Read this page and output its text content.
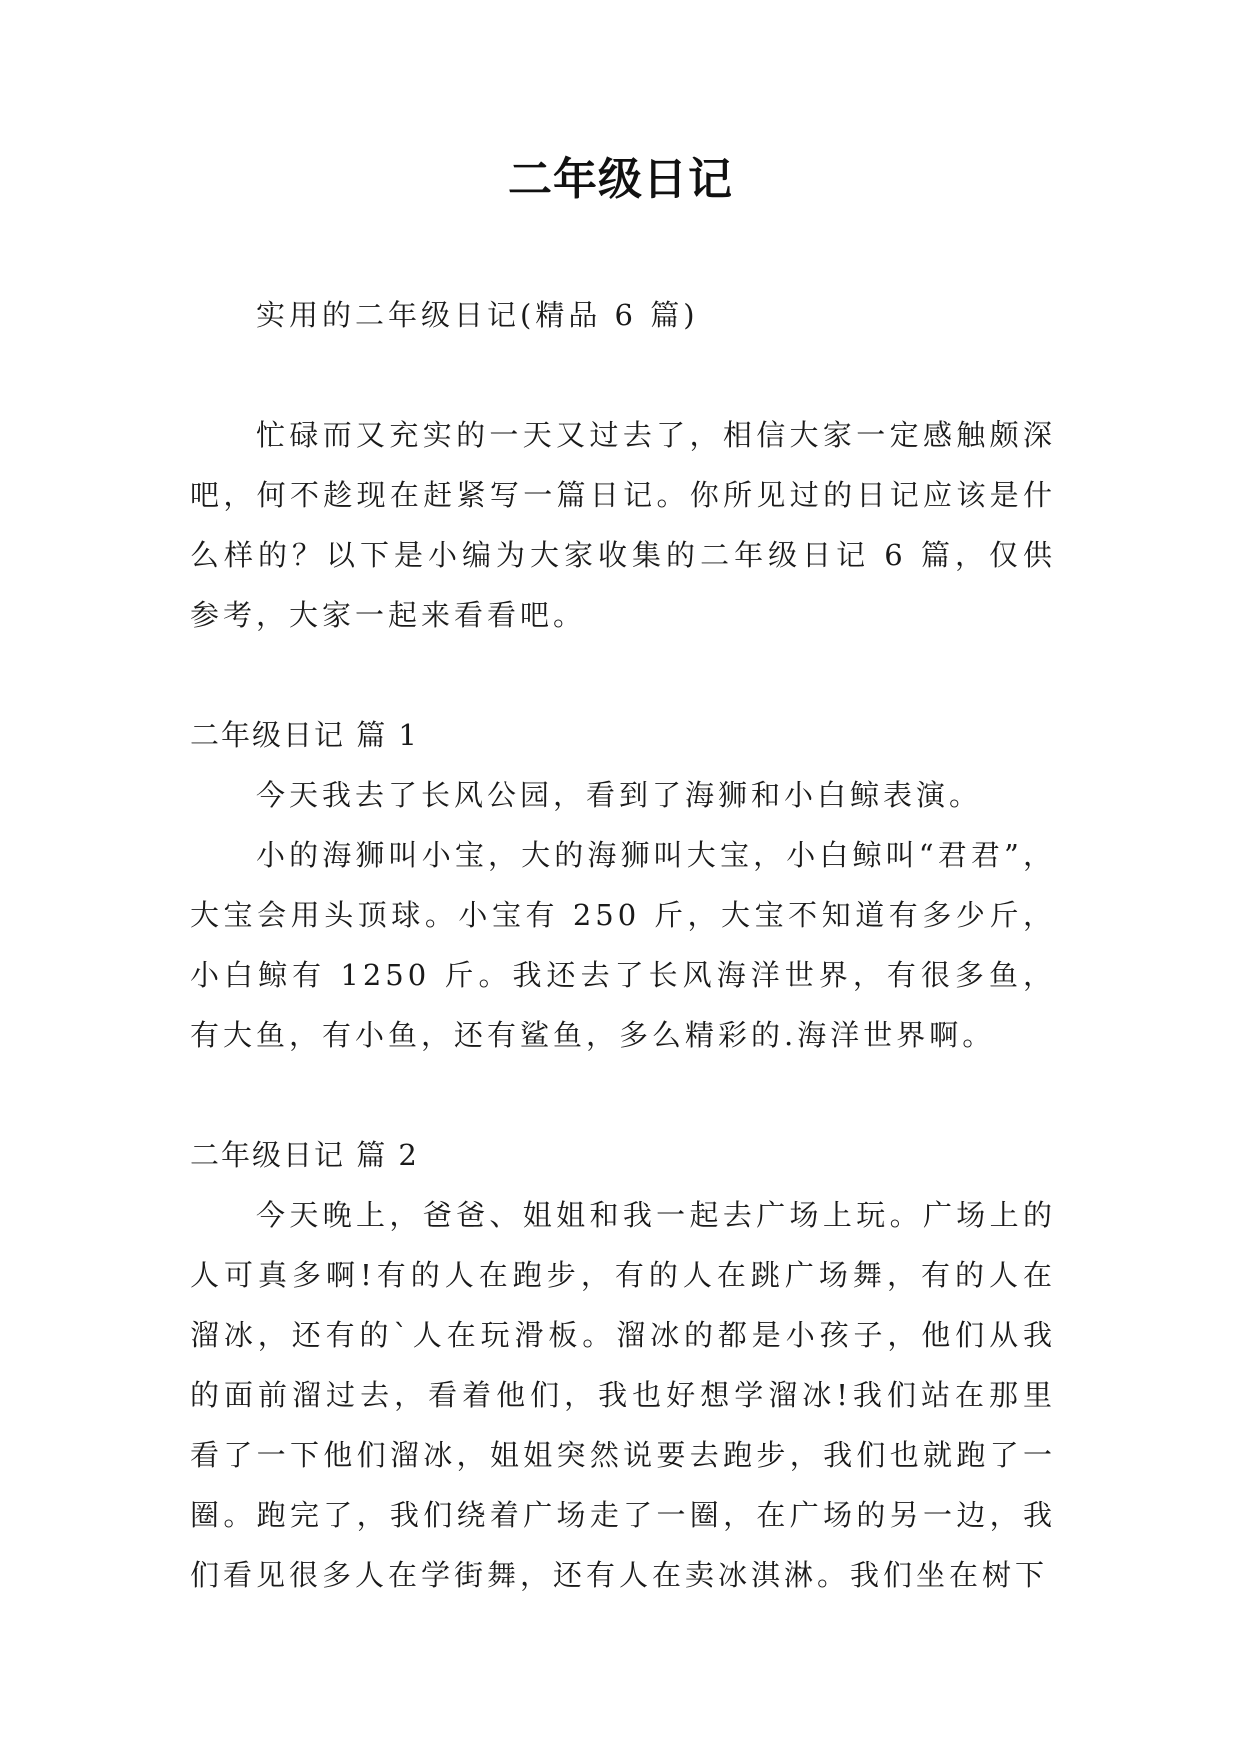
二年级日记

实用的二年级日记(精品 6 篇)

忙碌而又充实的一天又过去了，相信大家一定感触颇深吧，何不趁现在赶紧写一篇日记。你所见过的日记应该是什么样的？以下是小编为大家收集的二年级日记 6 篇，仅供参考，大家一起来看看吧。

二年级日记 篇 1

今天我去了长风公园，看到了海狮和小白鲸表演。

小的海狮叫小宝，大的海狮叫大宝，小白鲸叫“君君”，大宝会用头顶球。小宝有 250 斤，大宝不知道有多少斤，小白鲸有 1250 斤。我还去了长风海洋世界，有很多鱼，有大鱼，有小鱼，还有鲨鱼，多么精彩的.海洋世界啊。

二年级日记 篇 2

今天晚上，爸爸、姐姐和我一起去广场上玩。广场上的人可真多啊!有的人在跑步，有的人在跳广场舞，有的人在溜冰，还有的`人在玩滑板。溜冰的都是小孩子，他们从我的面前溜过去，看着他们，我也好想学溜冰!我们站在那里看了一下他们溜冰，姐姐突然说要去跑步，我们也就跑了一圈。跑完了，我们绕着广场走了一圈，在广场的另一边，我们看见很多人在学街舞，还有人在卖冰淇淋。我们坐在树下
